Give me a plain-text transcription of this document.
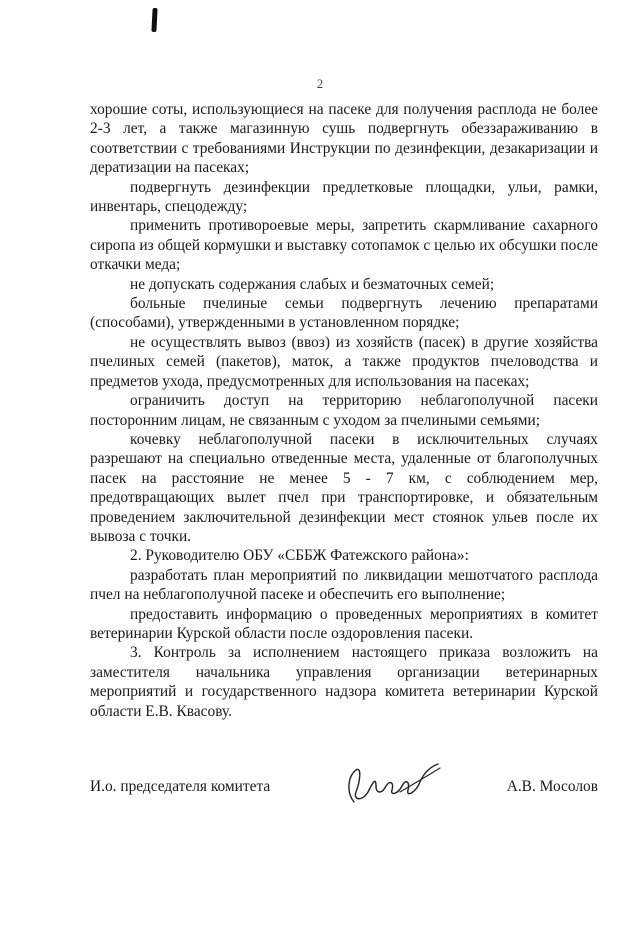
2

хорошие соты, использующиеся на пасеке для получения расплода не более 2-3 лет, а также магазинную сушь подвергнуть обеззараживанию в соответствии с требованиями Инструкции по дезинфекции, дезакаризации и дератизации на пасеках;

подвергнуть дезинфекции предлетковые площадки, ульи, рамки, инвентарь, спецодежду;

применить противороевые меры, запретить скармливание сахарного сиропа из общей кормушки и выставку сотопамок с целью их обсушки после откачки меда;

не допускать содержания слабых и безматочных семей;

больные пчелиные семьи подвергнуть лечению препаратами (способами), утвержденными в установленном порядке;

не осуществлять вывоз (ввоз) из хозяйств (пасек) в другие хозяйства пчелиных семей (пакетов), маток, а также продуктов пчеловодства и предметов ухода, предусмотренных для использования на пасеках;

ограничить доступ на территорию неблагополучной пасеки посторонним лицам, не связанным с уходом за пчелиными семьями;

кочевку неблагополучной пасеки в исключительных случаях разрешают на специально отведенные места, удаленные от благополучных пасек на расстояние не менее 5 - 7 км, с соблюдением мер, предотвращающих вылет пчел при транспортировке, и обязательным проведением заключительной дезинфекции мест стоянок ульев после их вывоза с точки.

2. Руководителю ОБУ «СББЖ Фатежского района»:

разработать план мероприятий по ликвидации мешотчатого расплода пчел на неблагополучной пасеке и обеспечить его выполнение;

предоставить информацию о проведенных мероприятиях в комитет ветеринарии Курской области после оздоровления пасеки.

3. Контроль за исполнением настоящего приказа возложить на заместителя начальника управления организации ветеринарных мероприятий и государственного надзора комитета ветеринарии Курской области Е.В. Квасову.

И.о. председателя комитета	А.В. Мосолов
